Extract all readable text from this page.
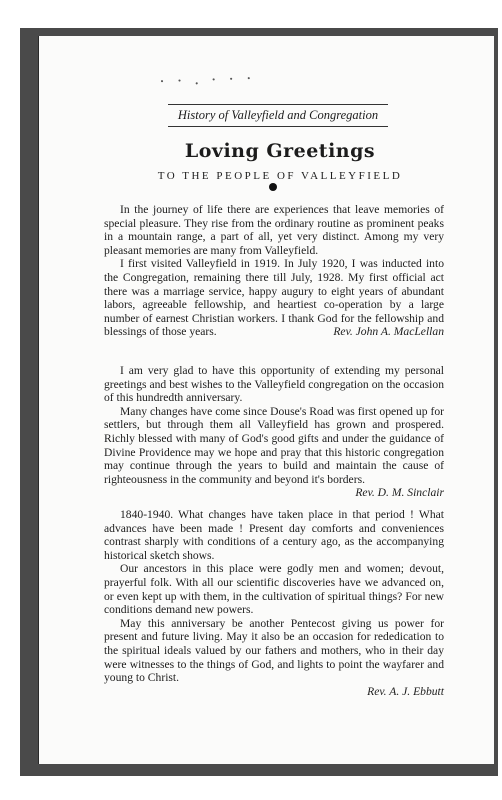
· · . · · ·
History of Valleyfield and Congregation
Loving Greetings
TO THE PEOPLE OF VALLEYFIELD

In the journey of life there are experiences that leave memories of special pleasure. They rise from the ordinary routine as prominent peaks in a mountain range, a part of all, yet very distinct. Among my very pleasant memories are many from Valleyfield.

I first visited Valleyfield in 1919. In July 1920, I was inducted into the Congregation, remaining there till July, 1928. My first official act there was a marriage service, happy augury to eight years of abundant labors, agreeable fellowship, and heartiest co-operation by a large number of earnest Christian workers. I thank God for the fellowship and blessings of those years.	Rev. John A. MacLellan

I am very glad to have this opportunity of extending my personal greetings and best wishes to the Valleyfield congregation on the occasion of this hundredth anniversary.

Many changes have come since Douse's Road was first opened up for settlers, but through them all Valleyfield has grown and prospered. Richly blessed with many of God's good gifts and under the guidance of Divine Providence may we hope and pray that this historic congregation may continue through the years to build and maintain the cause of righteousness in the community and beyond it's borders.

Rev. D. M. Sinclair

1840-1940. What changes have taken place in that period ! What advances have been made ! Present day comforts and conveniences contrast sharply with conditions of a century ago, as the accompanying historical sketch shows.

Our ancestors in this place were godly men and women; devout, prayerful folk. With all our scientific discoveries have we advanced on, or even kept up with them, in the cultivation of spiritual things? For new conditions demand new powers.

May this anniversary be another Pentecost giving us power for present and future living. May it also be an occasion for rededication to the spiritual ideals valued by our fathers and mothers, who in their day were witnesses to the things of God, and lights to point the wayfarer and young to Christ.

Rev. A. J. Ebbutt
